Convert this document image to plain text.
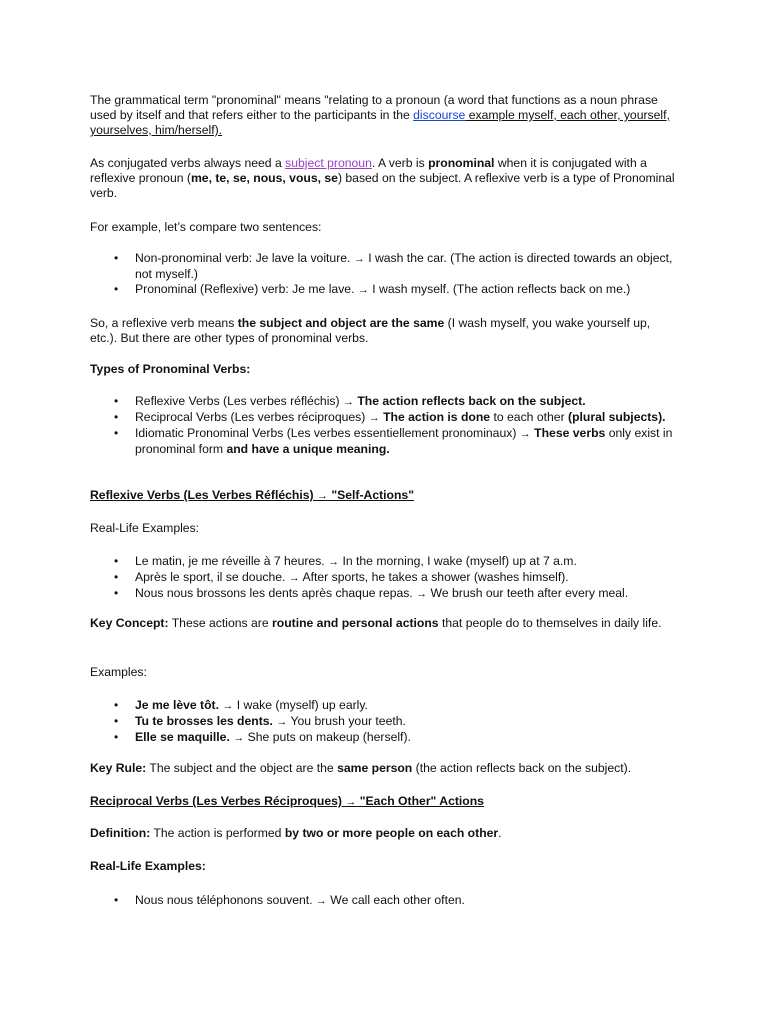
The grammatical term "pronominal" means "relating to a pronoun (a word that functions as a noun phrase used by itself and that refers either to the participants in the discourse example myself, each other, yourself, yourselves, him/herself).

As conjugated verbs always need a subject pronoun. A verb is pronominal when it is conjugated with a reflexive pronoun (me, te, se, nous, vous, se) based on the subject. A reflexive verb is a type of Pronominal verb.

For example, let’s compare two sentences:

• Non-pronominal verb: Je lave la voiture. → I wash the car. (The action is directed towards an object, not myself.)
• Pronominal (Reflexive) verb: Je me lave. → I wash myself. (The action reflects back on me.)

So, a reflexive verb means the subject and object are the same (I wash myself, you wake yourself up, etc.). But there are other types of pronominal verbs.

Types of Pronominal Verbs:

• Reflexive Verbs (Les verbes réfléchis) → The action reflects back on the subject.
• Reciprocal Verbs (Les verbes réciproques) → The action is done to each other (plural subjects).
• Idiomatic Pronominal Verbs (Les verbes essentiellement pronominaux) → These verbs only exist in pronominal form and have a unique meaning.

Reflexive Verbs (Les Verbes Réfléchis) → "Self-Actions"

Real-Life Examples:

• Le matin, je me réveille à 7 heures. → In the morning, I wake (myself) up at 7 a.m.
• Après le sport, il se douche. → After sports, he takes a shower (washes himself).
• Nous nous brossons les dents après chaque repas. → We brush our teeth after every meal.

Key Concept: These actions are routine and personal actions that people do to themselves in daily life.

Examples:

• Je me lève tôt. → I wake (myself) up early.
• Tu te brosses les dents. → You brush your teeth.
• Elle se maquille. → She puts on makeup (herself).

Key Rule: The subject and the object are the same person (the action reflects back on the subject).

Reciprocal Verbs (Les Verbes Réciproques) → "Each Other" Actions

Definition: The action is performed by two or more people on each other.

Real-Life Examples:

• Nous nous téléphonons souvent. → We call each other often.
